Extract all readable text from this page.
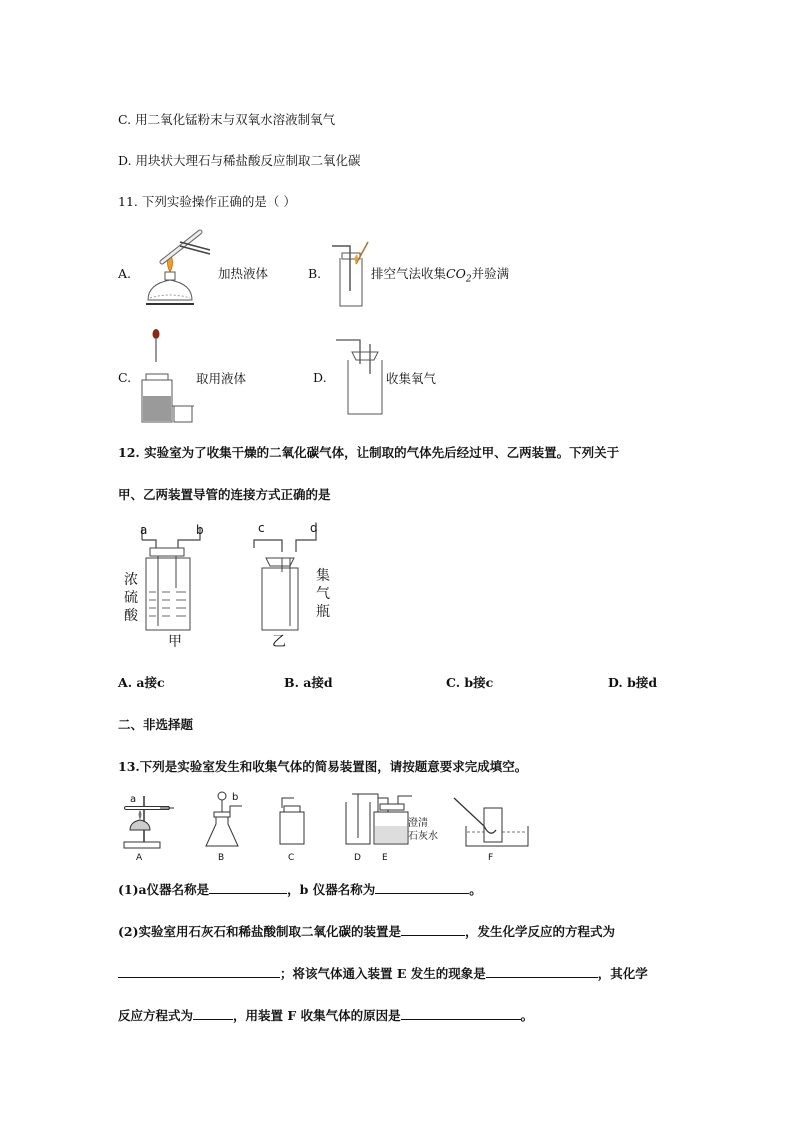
C. 用二氧化锰粉末与双氧水溶液制氧气
D. 用块状大理石与稀盐酸反应制取二氧化碳
11. 下列实验操作正确的是（ ）
A.	加热液体	B.	排空气法收集$CO_2$并验满
C.	取用液体	D.	收集氧气
12. 实验室为了收集干燥的二氧化碳气体，让制取的气体先后经过甲、乙两装置。下列关于
甲、乙两装置导管的连接方式正确的是
a	b	c	d
浓
硫
酸
集
气
瓶
甲	乙
A. a接c	B. a接d	C. b接c	D. b接d
二、非选择题
13.下列是实验室发生和收集气体的简易装置图，请按题意要求完成填空。
a	b
澄清
石灰水
A	B	C	D E	F
(1)a仪器名称是	，b 仪器名称为	。
(2)实验室用石灰石和稀盐酸制取二氧化碳的装置是	，发生化学反应的方程式为
；将该气体通入装置 E 发生的现象是	，其化学
反应方程式为	，用装置 F 收集气体的原因是	。
